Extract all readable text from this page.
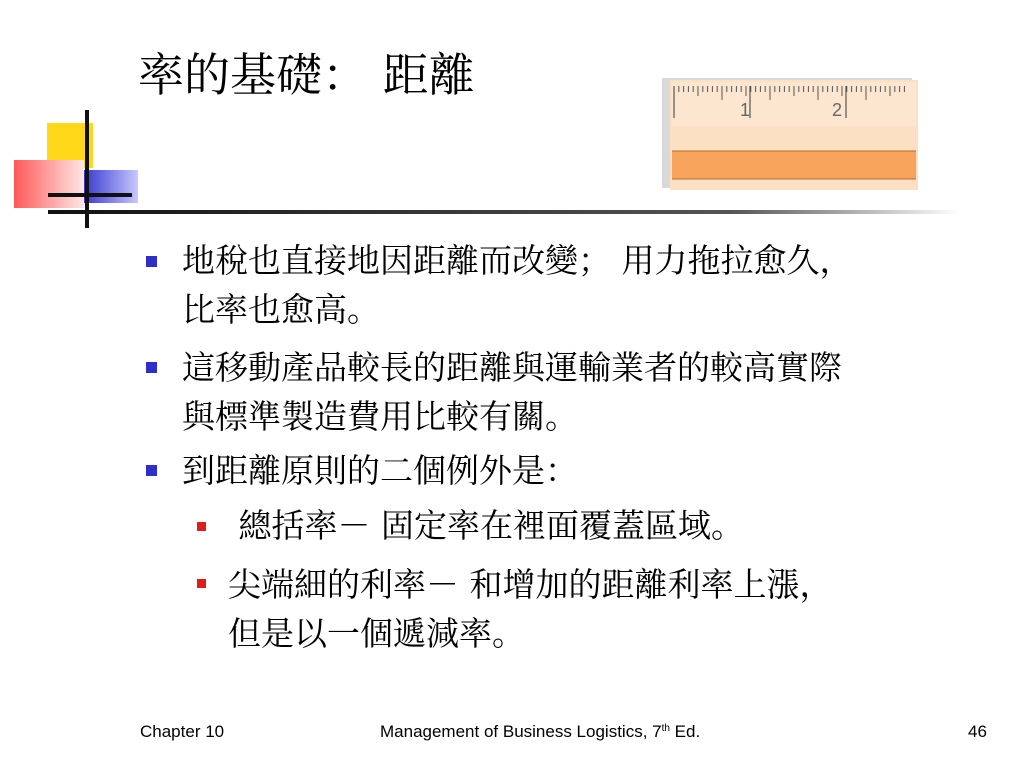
率的基礎： 距離
1	2
地稅也直接地因距離而改變； 用力拖拉愈久，
比率也愈高。
這移動產品較長的距離與運輸業者的較高實際
與標準製造費用比較有關。
到距離原則的二個例外是：
總括率－ 固定率在裡面覆蓋區域。
尖端細的利率－ 和增加的距離利率上漲，
但是以一個遞減率。
Chapter 10	Management of Business Logistics, 7th Ed.	46
